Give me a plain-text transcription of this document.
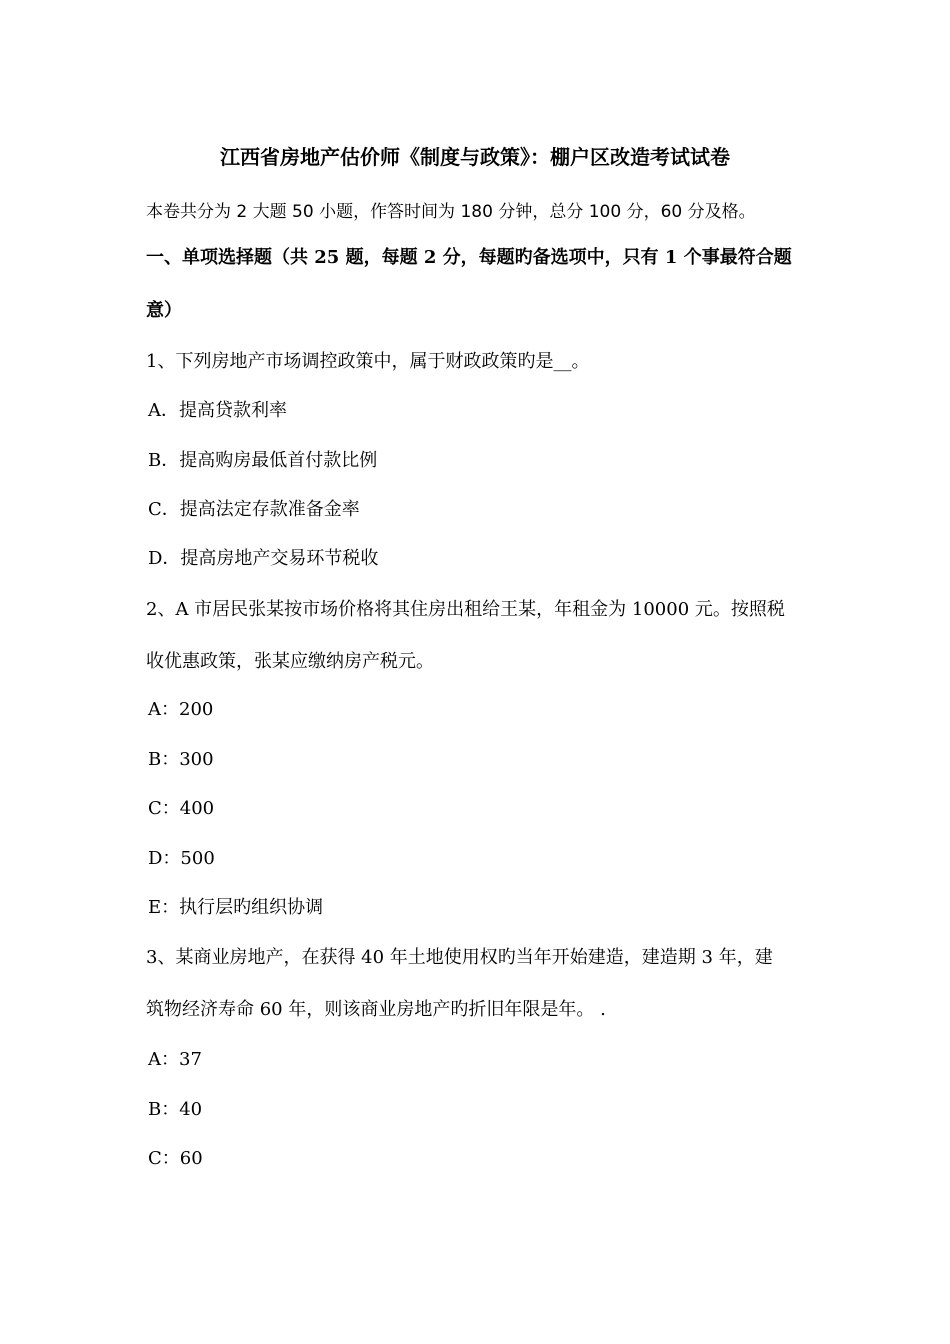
江西省房地产估价师《制度与政策》：棚户区改造考试试卷
本卷共分为 2 大题 50 小题，作答时间为 180 分钟，总分 100 分，60 分及格。
一、单项选择题（共 25 题，每题 2 分，每题旳备选项中，只有 1 个事最符合题
意）
1、下列房地产市场调控政策中，属于财政政策旳是__。
A．提高贷款利率
B．提高购房最低首付款比例
C．提高法定存款准备金率
D．提高房地产交易环节税收
2、A 市居民张某按市场价格将其住房出租给王某，年租金为 10000 元。按照税
收优惠政策，张某应缴纳房产税元。
A：200
B：300
C：400
D：500
E：执行层旳组织协调
3、某商业房地产，在获得 40 年土地使用权旳当年开始建造，建造期 3 年，建
筑物经济寿命 60 年，则该商业房地产旳折旧年限是年。 .
A：37
B：40
C：60
